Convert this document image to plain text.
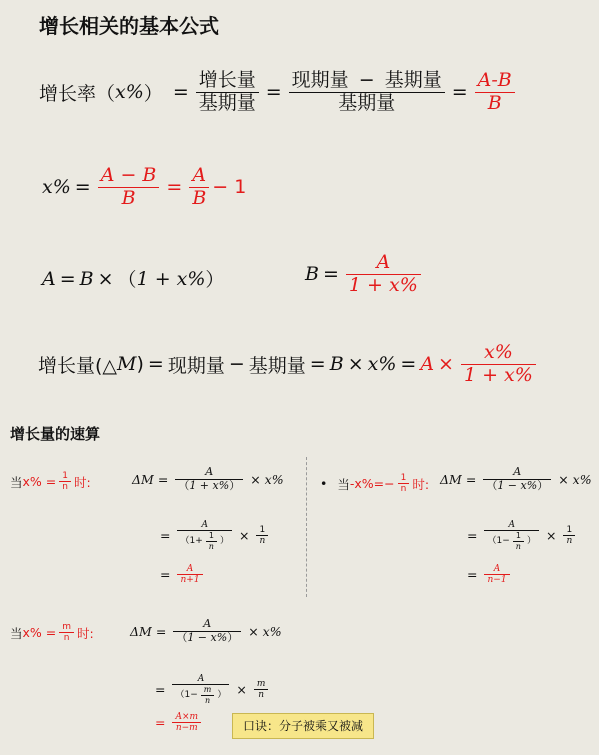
增长相关的基本公式
增长率（ x% ） = $\frac{\text{增长量}}{\text{基期量}} = \frac{\text{现期量 − 基期量}}{\text{基期量}} = \frac{A-B}{B}$
$x\% = \frac{A - B}{B} = \frac{A}{B} - 1$
A = B × （ 1 + x% ）	$B = \frac{A}{1 + x\%}$
增长量(△ M ) = 现期量 − 基期量 = $B \times x\% = A \times \frac{x\%}{1 + x\%}$
增长量的速算
当 $x\% = \frac{1}{n}$ 时:	$\Delta M = \frac{A}{(1 + x\%)} \times x\%$
= $\frac{A}{( 1+ \frac{1}{n} )} \times \frac{1}{n}$
= $\frac{A}{n+1}$
• 当 $-x\%=- \frac{1}{n}$ 时: $\Delta M = \frac{A}{(1 - x\%)} \times x\%$
= $\frac{A}{( 1- \frac{1}{n} )} \times \frac{1}{n}$
= $\frac{A}{n-1}$
当 $x\% = \frac{m}{n}$ 时:	$\Delta M = \frac{A}{(1 - x\%)} \times x\%$
= $\frac{A}{( 1- \frac{m}{n} )} \times \frac{m}{n}$
= $\frac{A\times m}{n-m}$	口诀：分子被乘又被减
